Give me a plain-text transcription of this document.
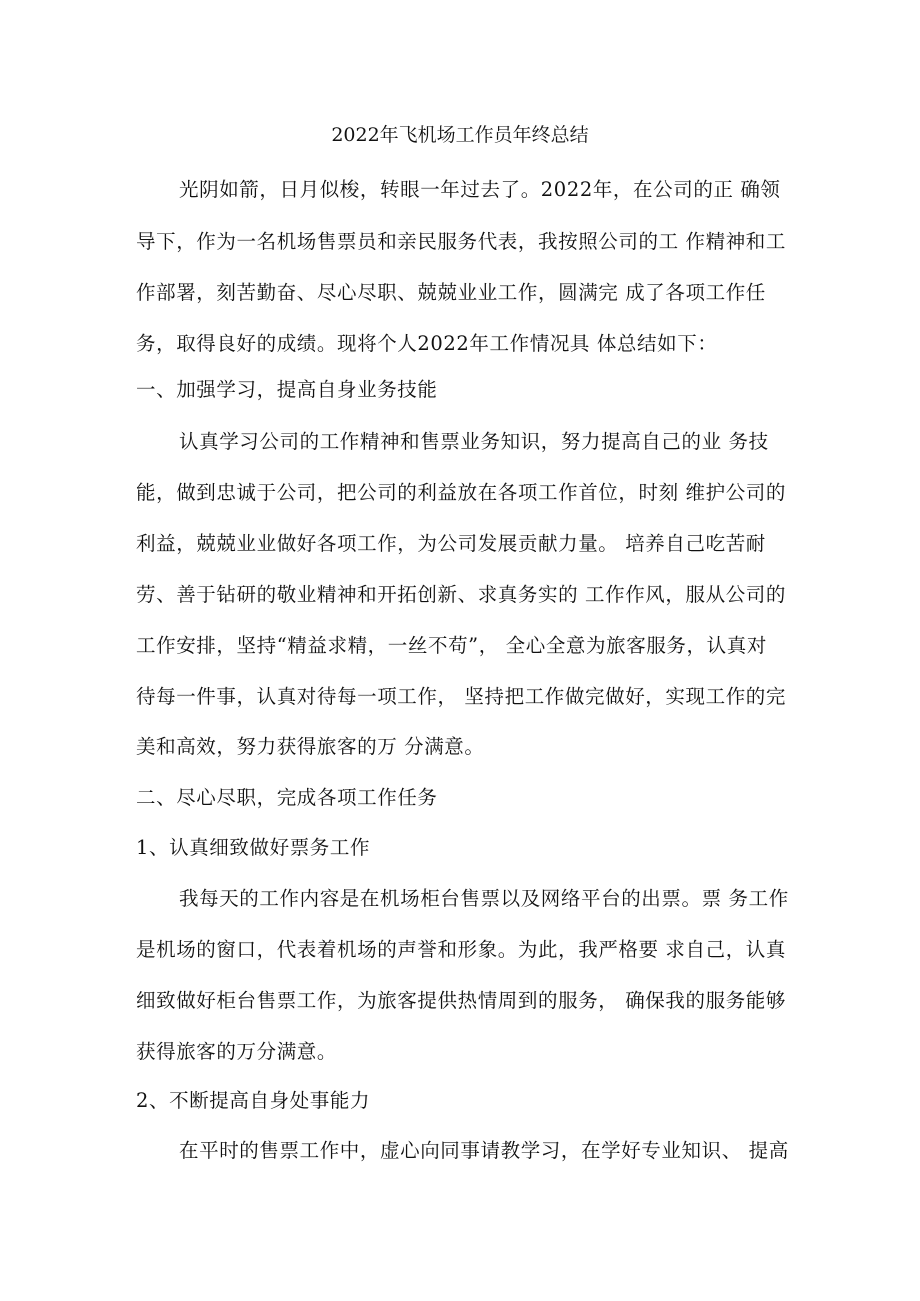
2022年飞机场工作员年终总结
光阴如箭，日月似梭，转眼一年过去了。2022年，在公司的正 确领
导下，作为一名机场售票员和亲民服务代表，我按照公司的工 作精神和工
作部署，刻苦勤奋、尽心尽职、兢兢业业工作，圆满完 成了各项工作任
务，取得良好的成绩。现将个人2022年工作情况具 体总结如下：
一、加强学习，提高自身业务技能
认真学习公司的工作精神和售票业务知识，努力提高自己的业 务技
能，做到忠诚于公司，把公司的利益放在各项工作首位，时刻 维护公司的
利益，兢兢业业做好各项工作，为公司发展贡献力量。 培养自己吃苦耐
劳、善于钻研的敬业精神和开拓创新、求真务实的 工作作风，服从公司的
工作安排，坚持“精益求精，一丝不苟”， 全心全意为旅客服务，认真对
待每一件事，认真对待每一项工作， 坚持把工作做完做好，实现工作的完
美和高效，努力获得旅客的万 分满意。
二、尽心尽职，完成各项工作任务
1、认真细致做好票务工作
我每天的工作内容是在机场柜台售票以及网络平台的出票。票 务工作
是机场的窗口，代表着机场的声誉和形象。为此，我严格要 求自己，认真
细致做好柜台售票工作，为旅客提供热情周到的服务， 确保我的服务能够
获得旅客的万分满意。
2、不断提高自身处事能力
在平时的售票工作中，虚心向同事请教学习，在学好专业知识、 提高
